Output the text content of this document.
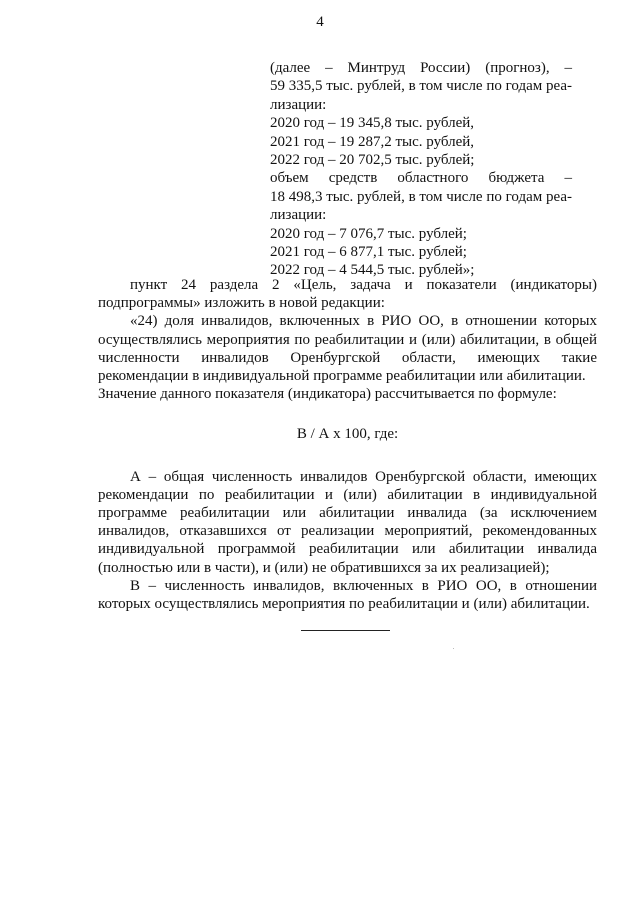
4
(далее – Минтруд России) (прогноз), –
59 335,5 тыс. рублей, в том числе по годам реа-
лизации:
2020 год – 19 345,8 тыс. рублей,
2021 год – 19 287,2 тыс. рублей,
2022 год – 20 702,5 тыс. рублей;
объем средств областного бюджета –
18 498,3 тыс. рублей, в том числе по годам реа-
лизации:
2020 год – 7 076,7 тыс. рублей;
2021 год – 6 877,1 тыс. рублей;
2022 год – 4 544,5 тыс. рублей»;

пункт 24 раздела 2 «Цель, задача и показатели (индикаторы) подпрограммы» изложить в новой редакции:

«24) доля инвалидов, включенных в РИО ОО, в отношении которых осуществлялись мероприятия по реабилитации и (или) абилитации, в общей численности инвалидов Оренбургской области, имеющих такие рекомендации в индивидуальной программе реабилитации или абилитации.

Значение данного показателя (индикатора) рассчитывается по формуле:

В / А х 100, где:

А – общая численность инвалидов Оренбургской области, имеющих рекомендации по реабилитации и (или) абилитации в индивидуальной программе реабилитации или абилитации инвалида (за исключением инвалидов, отказавшихся от реализации мероприятий, рекомендованных индивидуальной программой реабилитации или абилитации инвалида (полностью или в части), и (или) не обратившихся за их реализацией);

В – численность инвалидов, включенных в РИО ОО, в отношении которых осуществлялись мероприятия по реабилитации и (или) абилитации.
